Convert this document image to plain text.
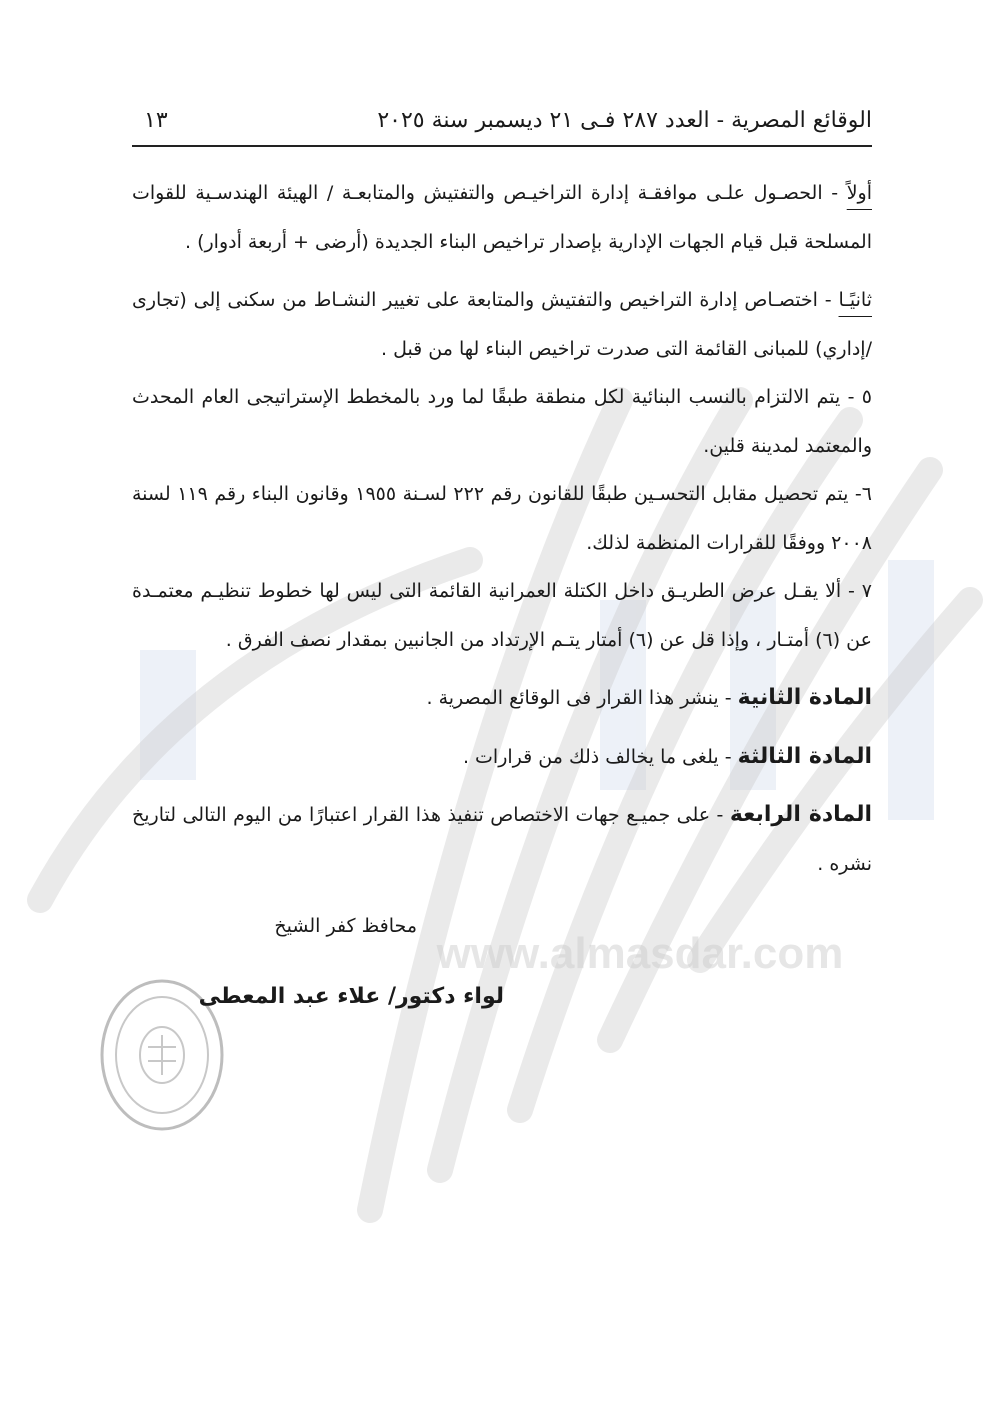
www.almasdar.com
الوقائع المصرية - العدد ٢٨٧ فـى ٢١ ديسمبر سنة ٢٠٢٥
١٣

أولاً - الحصـول علـى موافقـة إدارة التراخيـص والتفتيش والمتابعـة / الهيئة الهندسـية للقوات المسلحة قبل قيام الجهات الإدارية بإصدار تراخيص البناء الجديدة (أرضى + أربعة أدوار) .

ثانيًـا - اختصـاص إدارة التراخيص والتفتيش والمتابعة على تغيير النشـاط من سكنى إلى (تجارى /إداري) للمبانى القائمة التى صدرت تراخيص البناء لها من قبل .

٥ - يتم الالتزام بالنسب البنائية لكل منطقة طبقًا لما ورد بالمخطط الإستراتيجى العام المحدث والمعتمد لمدينة قلين.

٦- يتم تحصيل مقابل التحسـين طبقًا للقانون رقم ٢٢٢ لسـنة ١٩٥٥ وقانون البناء رقم ١١٩ لسنة ٢٠٠٨ ووفقًا للقرارات المنظمة لذلك.

٧ - ألا يقـل عرض الطريـق داخل الكتلة العمرانية القائمة التى ليس لها خطوط تنظيـم معتمـدة عن (٦) أمتـار ، وإذا قل عن (٦) أمتار يتـم الإرتداد من الجانبين بمقدار نصف الفرق .

المادة الثانية - ينشر هذا القرار فى الوقائع المصرية .

المادة الثالثة - يلغى ما يخالف ذلك من قرارات .

المادة الرابعة - على جميـع جهات الاختصاص تنفيذ هذا القرار اعتبارًا من اليوم التالى لتاريخ نشره .

محافظ كفر الشيخ
لواء دكتور/ علاء عبد المعطى
